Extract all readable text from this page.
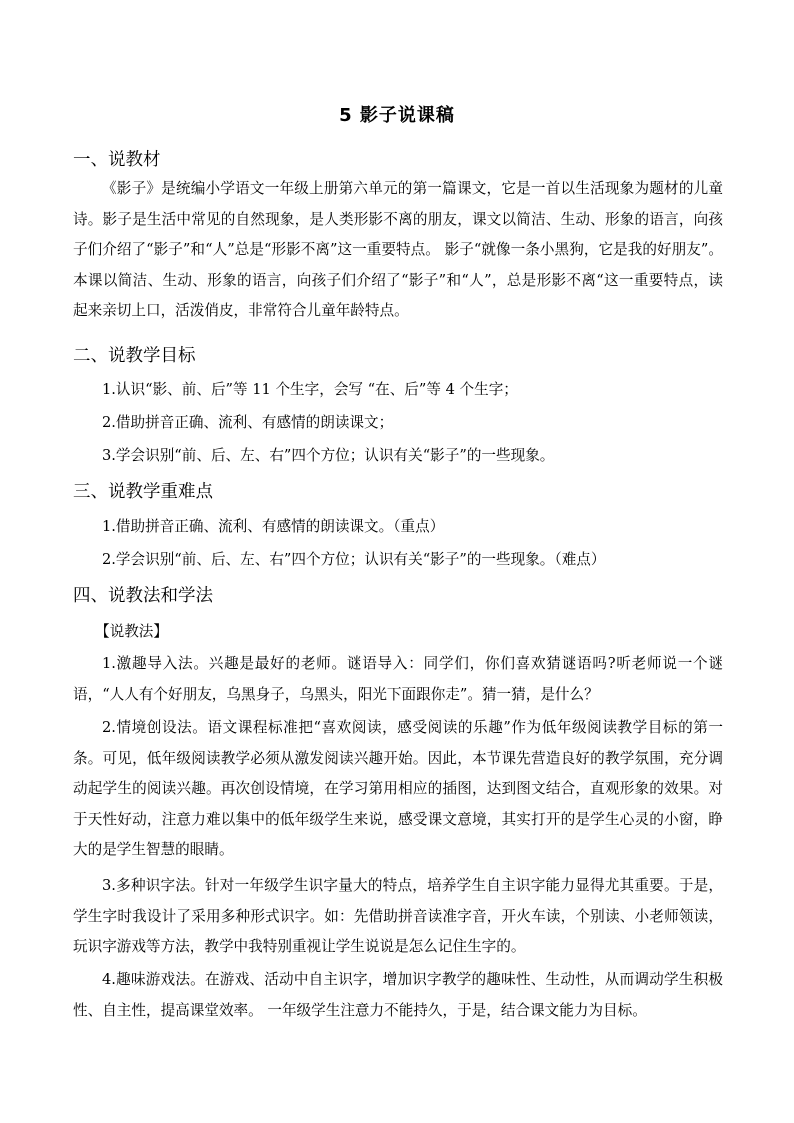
5 影子说课稿
一、说教材

《影子》是统编小学语文一年级上册第六单元的第一篇课文，它是一首以生活现象为题材的儿童诗。影子是生活中常见的自然现象，是人类形影不离的朋友，课文以简洁、生动、形象的语言，向孩子们介绍了“影子”和“人”总是“形影不离”这一重要特点。 影子“就像一条小黑狗，它是我的好朋友”。本课以简洁、生动、形象的语言，向孩子们介绍了“影子”和“人”，总是形影不离“这一重要特点，读起来亲切上口，活泼俏皮，非常符合儿童年龄特点。

二、说教学目标
1.认识“影、前、后”等 11 个生字，会写 “在、后”等 4 个生字；
2.借助拼音正确、流利、有感情的朗读课文；
3.学会识别“前、后、左、右”四个方位；认识有关“影子”的一些现象。
三、说教学重难点
1.借助拼音正确、流利、有感情的朗读课文。（重点）
2.学会识别“前、后、左、右”四个方位；认识有关“影子”的一些现象。（难点）
四、说教法和学法
【说教法】

1.激趣导入法。兴趣是最好的老师。谜语导入：同学们，你们喜欢猜谜语吗?听老师说一个谜语，“人人有个好朋友，乌黑身子，乌黑头，阳光下面跟你走”。猜一猜，是什么？

2.情境创设法。语文课程标准把“喜欢阅读，感受阅读的乐趣”作为低年级阅读教学目标的第一条。可见，低年级阅读教学必须从激发阅读兴趣开始。因此，本节课先营造良好的教学氛围，充分调动起学生的阅读兴趣。再次创设情境，在学习第用相应的插图，达到图文结合，直观形象的效果。对于天性好动，注意力难以集中的低年级学生来说，感受课文意境，其实打开的是学生心灵的小窗，睁大的是学生智慧的眼睛。

3.多种识字法。针对一年级学生识字量大的特点，培养学生自主识字能力显得尤其重要。于是，学生字时我设计了采用多种形式识字。如：先借助拼音读准字音，开火车读，个别读、小老师领读，玩识字游戏等方法，教学中我特别重视让学生说说是怎么记住生字的。

4.趣味游戏法。在游戏、活动中自主识字，增加识字教学的趣味性、生动性，从而调动学生积极性、自主性，提高课堂效率。 一年级学生注意力不能持久，于是，结合课文能力为目标。
